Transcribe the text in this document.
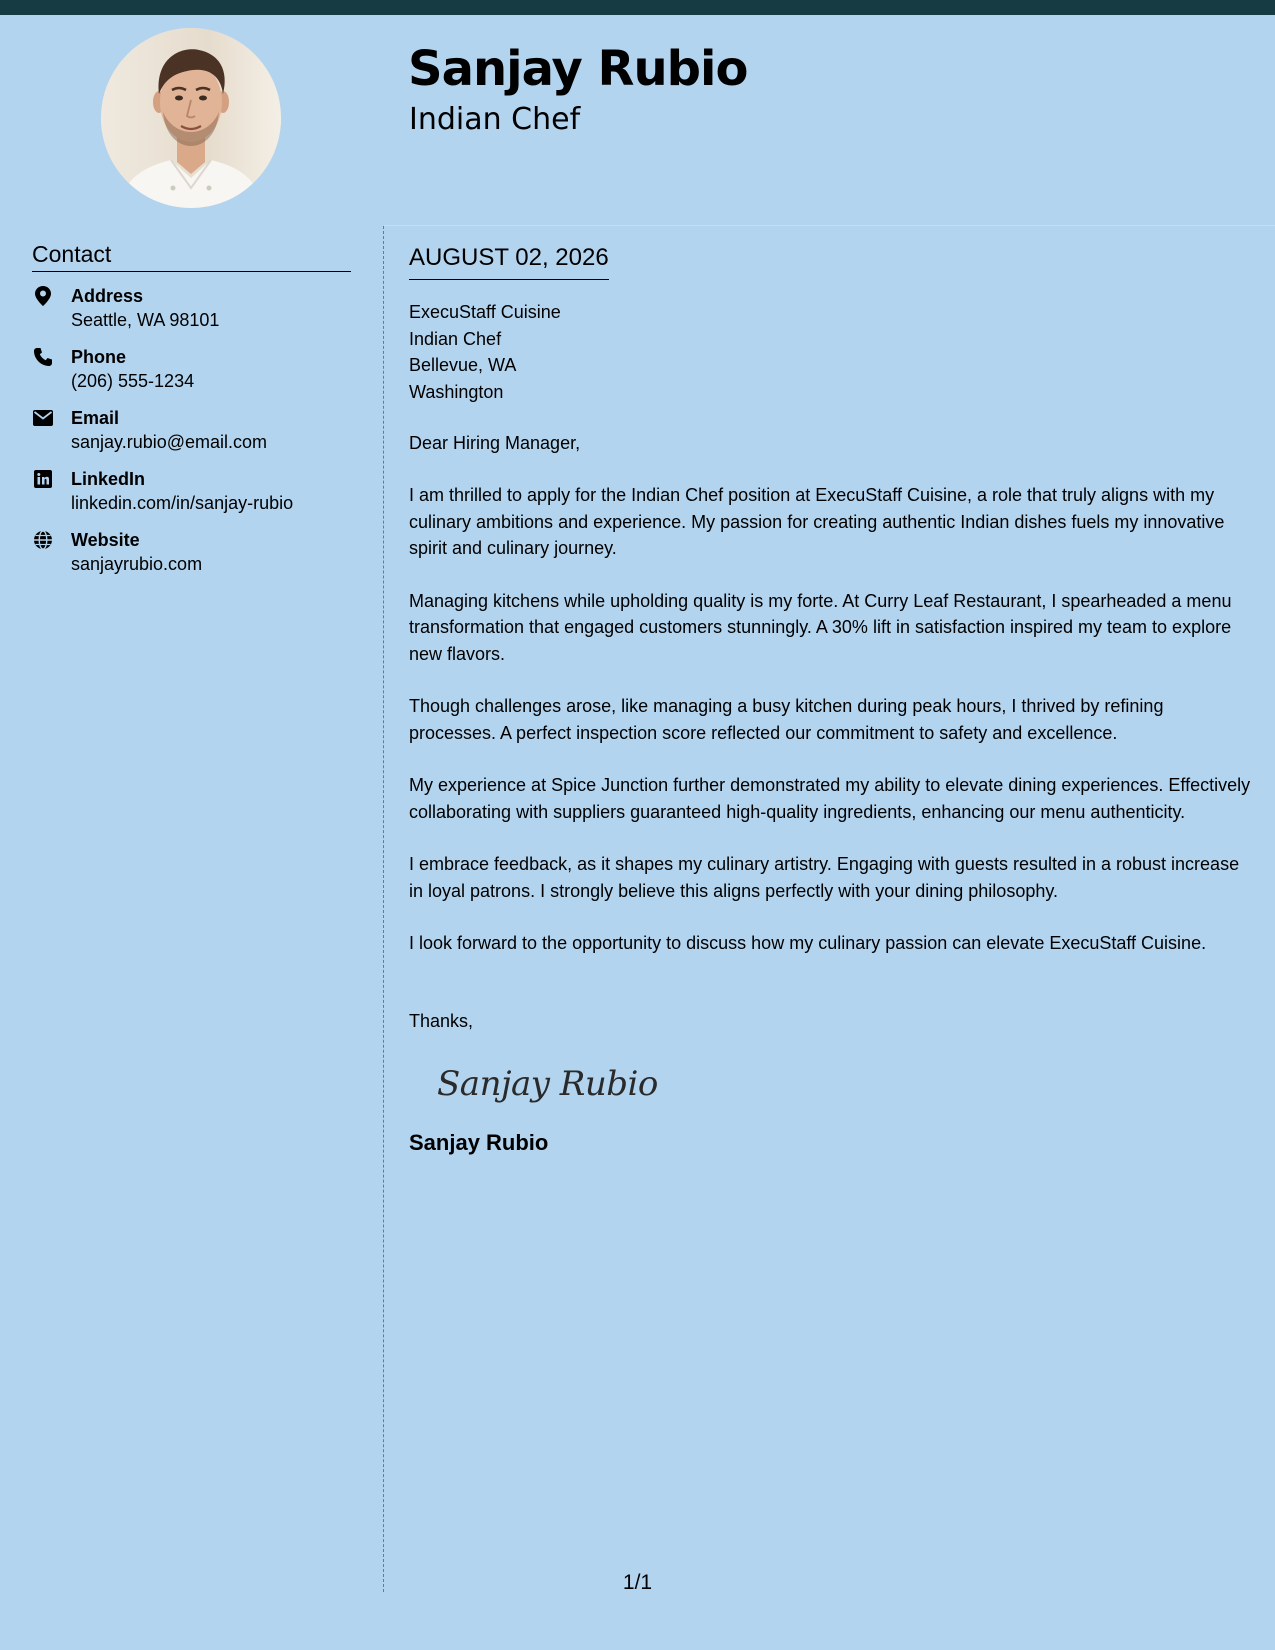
Sanjay Rubio
Indian Chef
Contact
Address
Seattle, WA 98101
Phone
(206) 555-1234
Email
sanjay.rubio@email.com
LinkedIn
linkedin.com/in/sanjay-rubio
Website
sanjayrubio.com
AUGUST 02, 2026
ExecuStaff Cuisine
Indian Chef
Bellevue, WA
Washington
Dear Hiring Manager,
I am thrilled to apply for the Indian Chef position at ExecuStaff Cuisine, a role that truly aligns with my culinary ambitions and experience. My passion for creating authentic Indian dishes fuels my innovative spirit and culinary journey.
Managing kitchens while upholding quality is my forte. At Curry Leaf Restaurant, I spearheaded a menu transformation that engaged customers stunningly. A 30% lift in satisfaction inspired my team to explore new flavors.
Though challenges arose, like managing a busy kitchen during peak hours, I thrived by refining processes. A perfect inspection score reflected our commitment to safety and excellence.
My experience at Spice Junction further demonstrated my ability to elevate dining experiences. Effectively collaborating with suppliers guaranteed high-quality ingredients, enhancing our menu authenticity.
I embrace feedback, as it shapes my culinary artistry. Engaging with guests resulted in a robust increase in loyal patrons. I strongly believe this aligns perfectly with your dining philosophy.
I look forward to the opportunity to discuss how my culinary passion can elevate ExecuStaff Cuisine.
Thanks,
Sanjay Rubio
Sanjay Rubio
1/1
